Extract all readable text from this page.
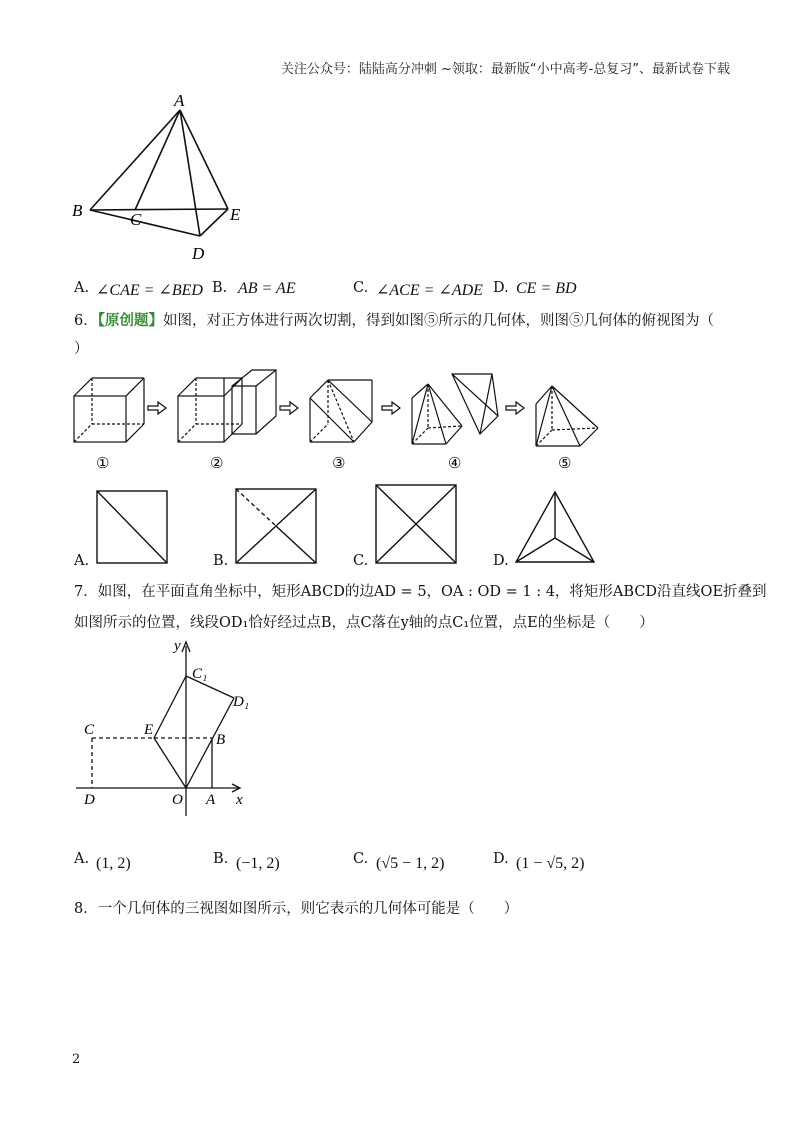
关注公众号：陆陆高分冲刺 ~领取：最新版“小中高考-总复习”、最新试卷下载
A
B	C
D
E
A. ∠CAE = ∠BED B. AB = AE	C. ∠ACE = ∠ADE D. CE = BD
6．【原创题】如图，对正方体进行两次切割，得到如图⑤所示的几何体，则图⑤几何体的俯视图为（
）
①	②	③	④	⑤
A.	B.	C.	D.
7．如图，在平面直角坐标中，矩形ABCD的边AD = 5，OA : OD = 1 : 4，将矩形ABCD沿直线OE折叠到
如图所示的位置，线段OD₁恰好经过点B，点C落在y轴的点C₁位置，点E的坐标是（　　）
y
x
C₁
D₁
C	E
B
D	O A
A. (1, 2)	B. (−1, 2)	C. (√5 − 1, 2)	D. (1 − √5, 2)
8．一个几何体的三视图如图所示，则它表示的几何体可能是（　　）
2
